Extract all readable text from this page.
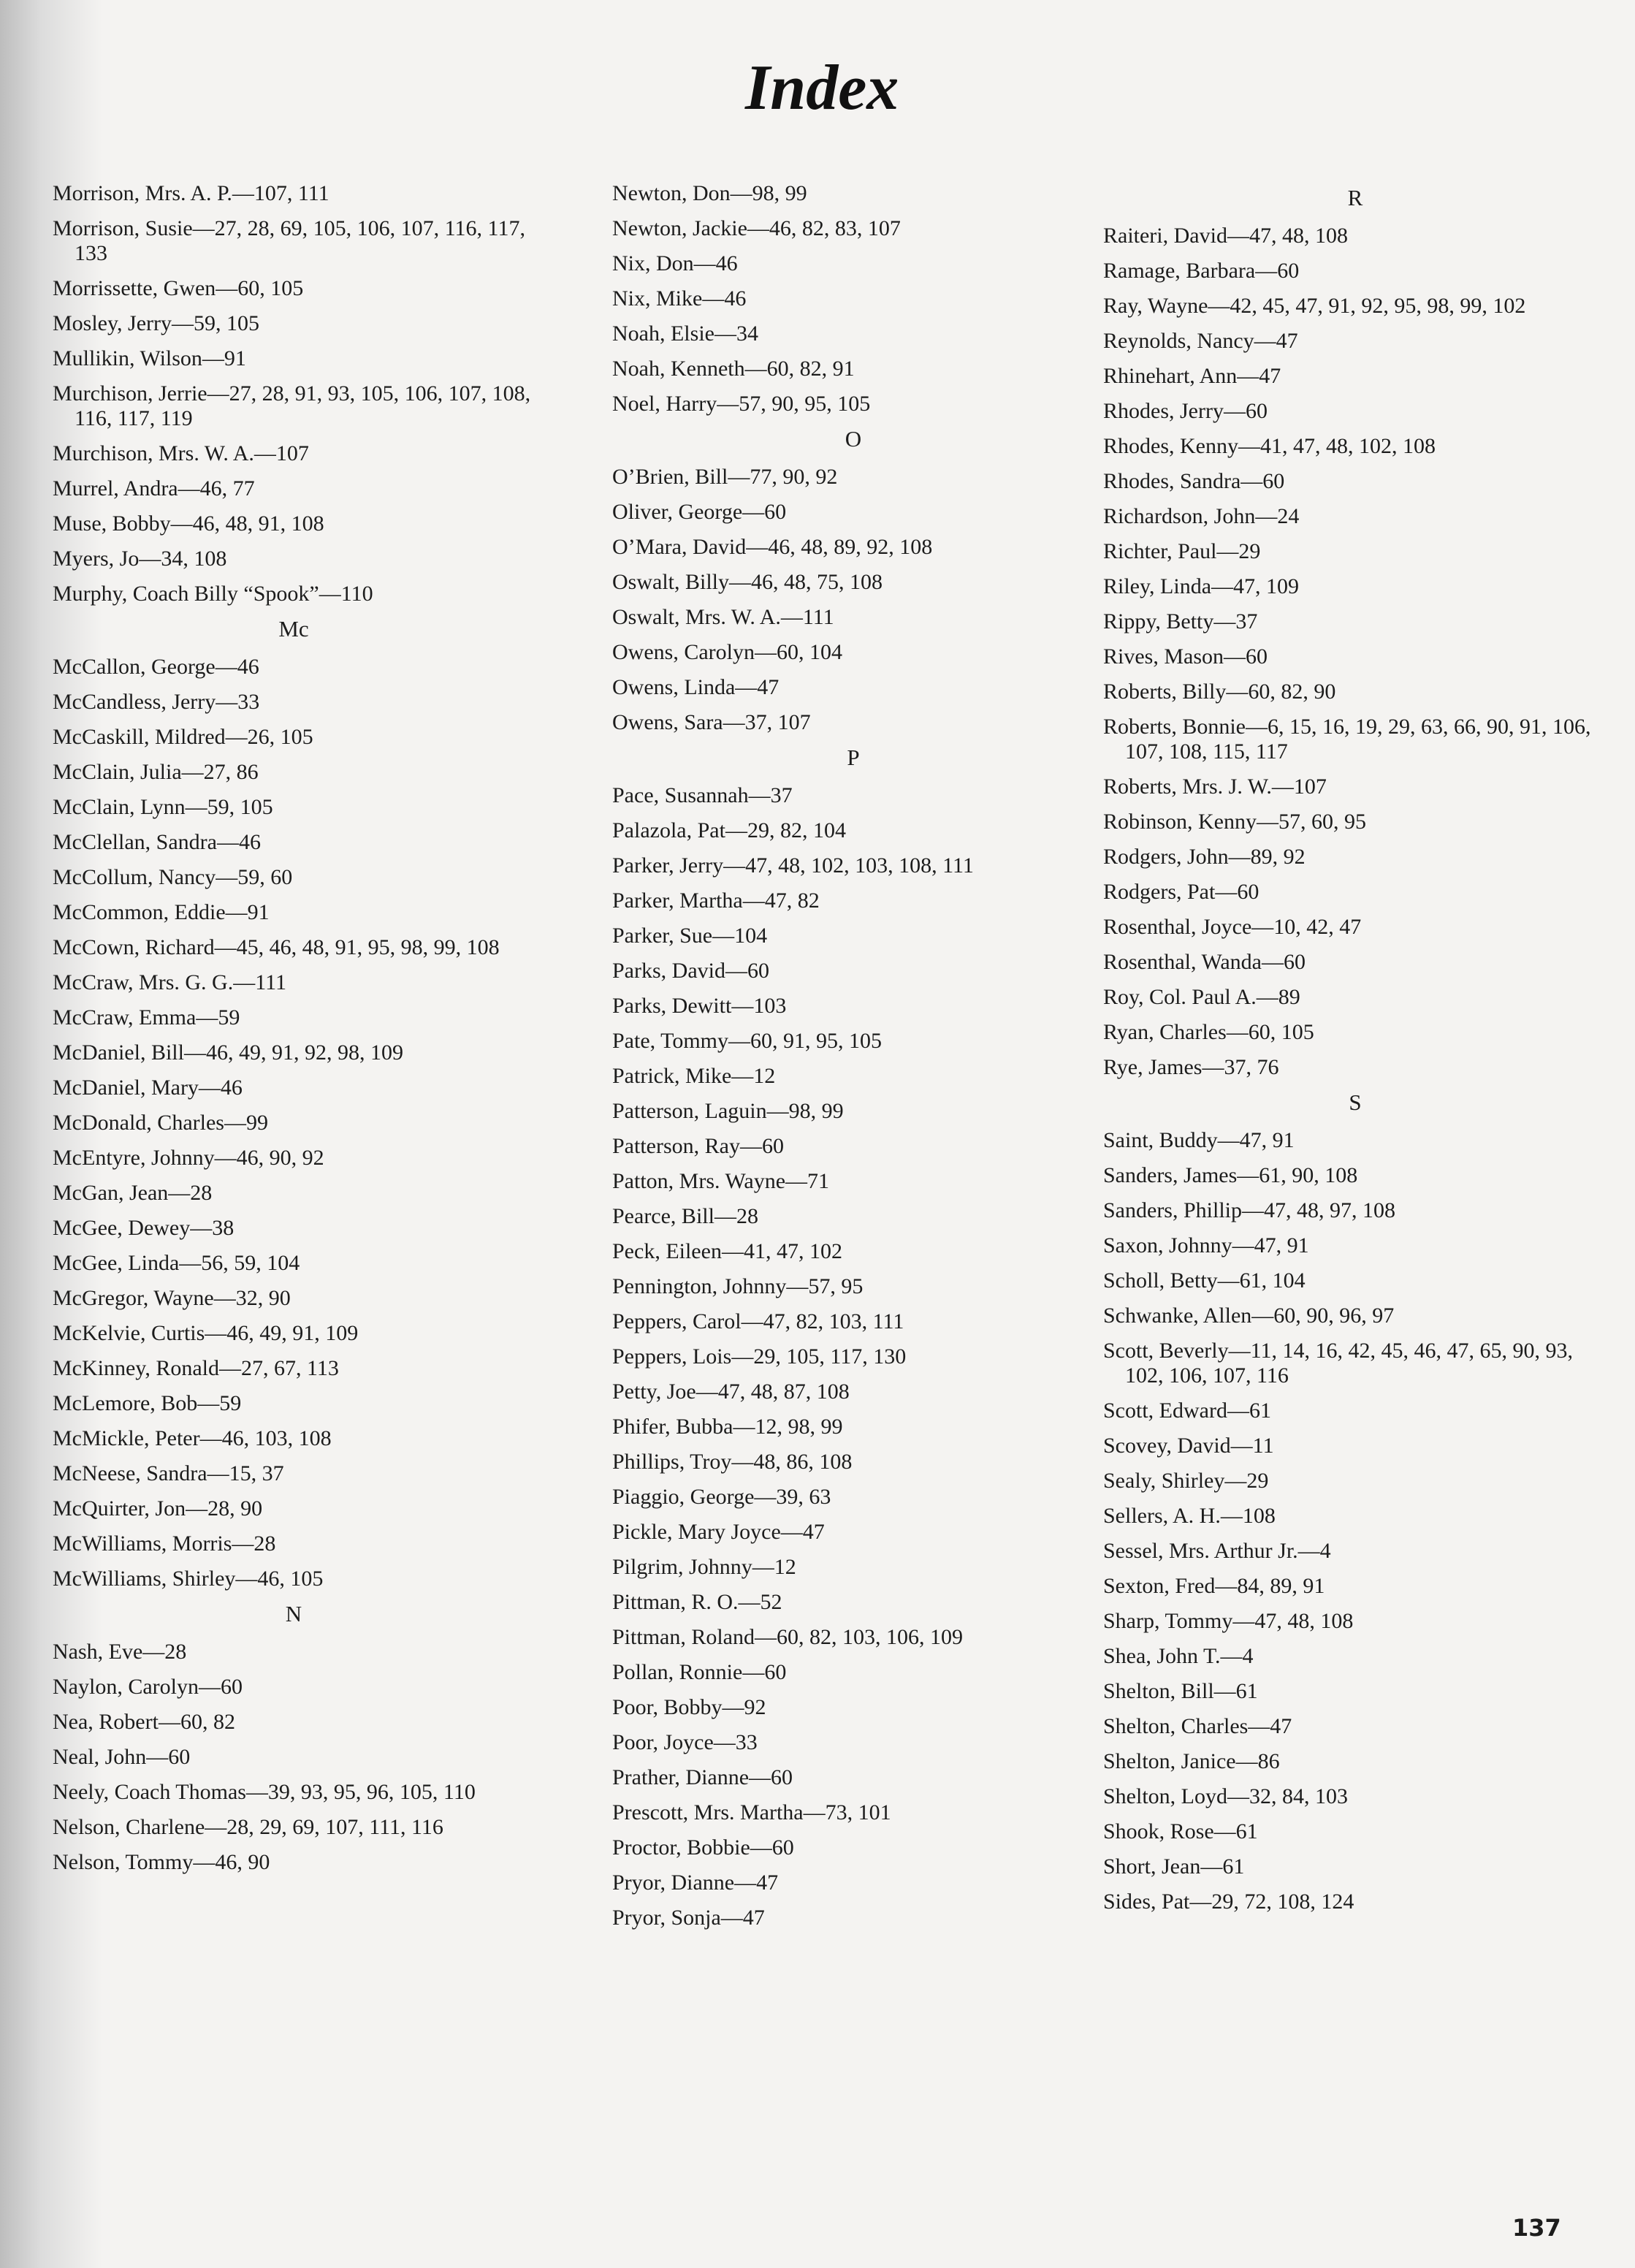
Index
Morrison, Mrs. A. P.—107, 111
Morrison, Susie—27, 28, 69, 105, 106, 107, 116, 117, 133
Morrissette, Gwen—60, 105
Mosley, Jerry—59, 105
Mullikin, Wilson—91
Murchison, Jerrie—27, 28, 91, 93, 105, 106, 107, 108, 116, 117, 119
Murchison, Mrs. W. A.—107
Murrel, Andra—46, 77
Muse, Bobby—46, 48, 91, 108
Myers, Jo—34, 108
Murphy, Coach Billy “Spook”—110
Mc
McCallon, George—46
McCandless, Jerry—33
McCaskill, Mildred—26, 105
McClain, Julia—27, 86
McClain, Lynn—59, 105
McClellan, Sandra—46
McCollum, Nancy—59, 60
McCommon, Eddie—91
McCown, Richard—45, 46, 48, 91, 95, 98, 99, 108
McCraw, Mrs. G. G.—111
McCraw, Emma—59
McDaniel, Bill—46, 49, 91, 92, 98, 109
McDaniel, Mary—46
McDonald, Charles—99
McEntyre, Johnny—46, 90, 92
McGan, Jean—28
McGee, Dewey—38
McGee, Linda—56, 59, 104
McGregor, Wayne—32, 90
McKelvie, Curtis—46, 49, 91, 109
McKinney, Ronald—27, 67, 113
McLemore, Bob—59
McMickle, Peter—46, 103, 108
McNeese, Sandra—15, 37
McQuirter, Jon—28, 90
McWilliams, Morris—28
McWilliams, Shirley—46, 105
N
Nash, Eve—28
Naylon, Carolyn—60
Nea, Robert—60, 82
Neal, John—60
Neely, Coach Thomas—39, 93, 95, 96, 105, 110
Nelson, Charlene—28, 29, 69, 107, 111, 116
Nelson, Tommy—46, 90
Newton, Don—98, 99
Newton, Jackie—46, 82, 83, 107
Nix, Don—46
Nix, Mike—46
Noah, Elsie—34
Noah, Kenneth—60, 82, 91
Noel, Harry—57, 90, 95, 105
O
O’Brien, Bill—77, 90, 92
Oliver, George—60
O’Mara, David—46, 48, 89, 92, 108
Oswalt, Billy—46, 48, 75, 108
Oswalt, Mrs. W. A.—111
Owens, Carolyn—60, 104
Owens, Linda—47
Owens, Sara—37, 107
P
Pace, Susannah—37
Palazola, Pat—29, 82, 104
Parker, Jerry—47, 48, 102, 103, 108, 111
Parker, Martha—47, 82
Parker, Sue—104
Parks, David—60
Parks, Dewitt—103
Pate, Tommy—60, 91, 95, 105
Patrick, Mike—12
Patterson, Laguin—98, 99
Patterson, Ray—60
Patton, Mrs. Wayne—71
Pearce, Bill—28
Peck, Eileen—41, 47, 102
Pennington, Johnny—57, 95
Peppers, Carol—47, 82, 103, 111
Peppers, Lois—29, 105, 117, 130
Petty, Joe—47, 48, 87, 108
Phifer, Bubba—12, 98, 99
Phillips, Troy—48, 86, 108
Piaggio, George—39, 63
Pickle, Mary Joyce—47
Pilgrim, Johnny—12
Pittman, R. O.—52
Pittman, Roland—60, 82, 103, 106, 109
Pollan, Ronnie—60
Poor, Bobby—92
Poor, Joyce—33
Prather, Dianne—60
Prescott, Mrs. Martha—73, 101
Proctor, Bobbie—60
Pryor, Dianne—47
Pryor, Sonja—47
R
Raiteri, David—47, 48, 108
Ramage, Barbara—60
Ray, Wayne—42, 45, 47, 91, 92, 95, 98, 99, 102
Reynolds, Nancy—47
Rhinehart, Ann—47
Rhodes, Jerry—60
Rhodes, Kenny—41, 47, 48, 102, 108
Rhodes, Sandra—60
Richardson, John—24
Richter, Paul—29
Riley, Linda—47, 109
Rippy, Betty—37
Rives, Mason—60
Roberts, Billy—60, 82, 90
Roberts, Bonnie—6, 15, 16, 19, 29, 63, 66, 90, 91, 106, 107, 108, 115, 117
Roberts, Mrs. J. W.—107
Robinson, Kenny—57, 60, 95
Rodgers, John—89, 92
Rodgers, Pat—60
Rosenthal, Joyce—10, 42, 47
Rosenthal, Wanda—60
Roy, Col. Paul A.—89
Ryan, Charles—60, 105
Rye, James—37, 76
S
Saint, Buddy—47, 91
Sanders, James—61, 90, 108
Sanders, Phillip—47, 48, 97, 108
Saxon, Johnny—47, 91
Scholl, Betty—61, 104
Schwanke, Allen—60, 90, 96, 97
Scott, Beverly—11, 14, 16, 42, 45, 46, 47, 65, 90, 93, 102, 106, 107, 116
Scott, Edward—61
Scovey, David—11
Sealy, Shirley—29
Sellers, A. H.—108
Sessel, Mrs. Arthur Jr.—4
Sexton, Fred—84, 89, 91
Sharp, Tommy—47, 48, 108
Shea, John T.—4
Shelton, Bill—61
Shelton, Charles—47
Shelton, Janice—86
Shelton, Loyd—32, 84, 103
Shook, Rose—61
Short, Jean—61
Sides, Pat—29, 72, 108, 124
137
